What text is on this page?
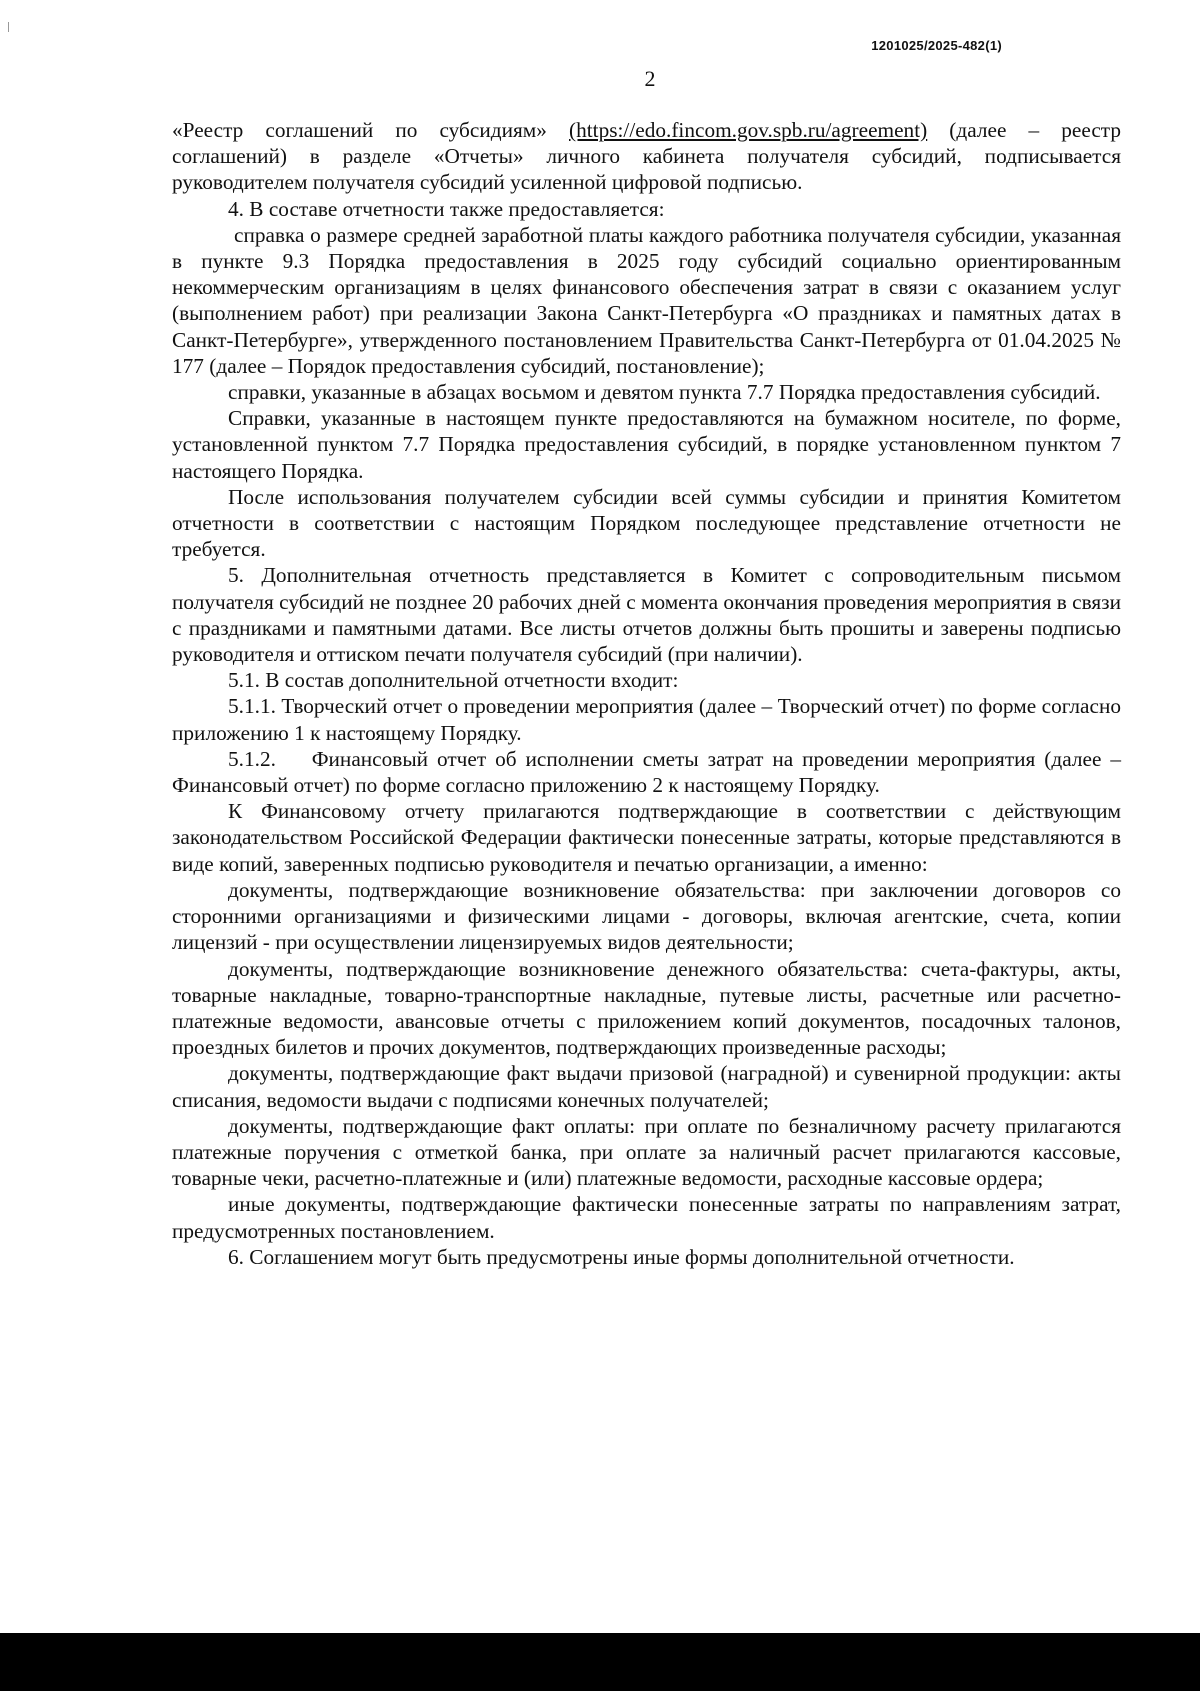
1201025/2025-482(1)
2

«Реестр соглашений по субсидиям» (https://edo.fincom.gov.spb.ru/agreement) (далее – реестр соглашений) в разделе «Отчеты» личного кабинета получателя субсидий, подписывается руководителем получателя субсидий усиленной цифровой подписью.

4. В составе отчетности также предоставляется:

справка о размере средней заработной платы каждого работника получателя субсидии, указанная в пункте 9.3 Порядка предоставления в 2025 году субсидий социально ориентированным некоммерческим организациям в целях финансового обеспечения затрат в связи с оказанием услуг (выполнением работ) при реализации Закона Санкт-Петербурга «О праздниках и памятных датах в Санкт-Петербурге», утвержденного постановлением Правительства Санкт-Петербурга от 01.04.2025 № 177 (далее – Порядок предоставления субсидий, постановление);

справки, указанные в абзацах восьмом и девятом пункта 7.7 Порядка предоставления субсидий.

Справки, указанные в настоящем пункте предоставляются на бумажном носителе, по форме, установленной пунктом 7.7 Порядка предоставления субсидий, в порядке установленном пунктом 7 настоящего Порядка.

После использования получателем субсидии всей суммы субсидии и принятия Комитетом отчетности в соответствии с настоящим Порядком последующее представление отчетности не требуется.

5. Дополнительная отчетность представляется в Комитет с сопроводительным письмом получателя субсидий не позднее 20 рабочих дней с момента окончания проведения мероприятия в связи с праздниками и памятными датами. Все листы отчетов должны быть прошиты и заверены подписью руководителя и оттиском печати получателя субсидий (при наличии).

5.1. В состав дополнительной отчетности входит:

5.1.1. Творческий отчет о проведении мероприятия (далее – Творческий отчет) по форме согласно приложению 1 к настоящему Порядку.

5.1.2.    Финансовый отчет об исполнении сметы затрат на проведении мероприятия (далее – Финансовый отчет) по форме согласно приложению 2 к настоящему Порядку.

К Финансовому отчету прилагаются подтверждающие в соответствии с действующим законодательством Российской Федерации фактически понесенные затраты, которые представляются в виде копий, заверенных подписью руководителя и печатью организации, а именно:

документы, подтверждающие возникновение обязательства: при заключении договоров со сторонними организациями и физическими лицами - договоры, включая агентские, счета, копии лицензий - при осуществлении лицензируемых видов деятельности;

документы, подтверждающие возникновение денежного обязательства: счета-фактуры, акты, товарные накладные, товарно-транспортные накладные, путевые листы, расчетные или расчетно-платежные ведомости, авансовые отчеты с приложением копий документов, посадочных талонов, проездных билетов и прочих документов, подтверждающих произведенные расходы;

документы, подтверждающие факт выдачи призовой (наградной) и сувенирной продукции: акты списания, ведомости выдачи с подписями конечных получателей;

документы, подтверждающие факт оплаты: при оплате по безналичному расчету прилагаются платежные поручения с отметкой банка, при оплате за наличный расчет прилагаются кассовые, товарные чеки, расчетно-платежные и (или) платежные ведомости, расходные кассовые ордера;

иные документы, подтверждающие фактически понесенные затраты по направлениям затрат, предусмотренных постановлением.

6. Соглашением могут быть предусмотрены иные формы дополнительной отчетности.
